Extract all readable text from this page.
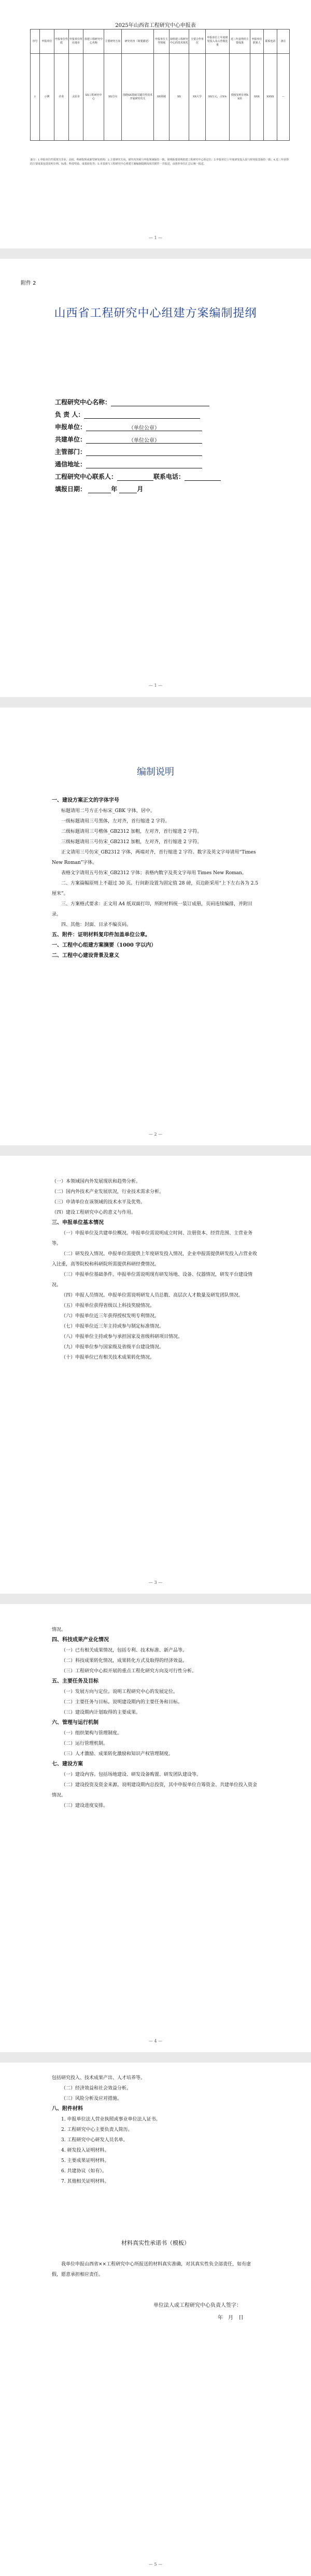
2025年山西省工程研究中心申报表
序号	申报单位	申报单位性质	申报单位所在地市	拟建工程研究中心名称	主要研究方向	研究内容（简要描述）	申报单位主导领域	拟组建工程研究中心的技术依托	主要合作单位	申报单位上年度研发投入及占营收比重	近三年获得的主要成果	申报单位联系人	联系电话	备注
1	示例	企业	太原市	XX工程研究中心	XX方向	围绕XX领域关键共性技术开展研究攻关	XX领域	XX	XX大学	XX万元，占X%	授权发明专利XX项	XXX	XXXX	—
备注：1.申报单位性质填写企业、高校、科研院所或新型研发机构；2.主要研究方向、研究内容须与申报领域保持一致，简明扼要说明拟建工程研究中心的定位；3.申报单位上年度研发投入需与财务报表保持一致；4.近三年获得的主要成果包括发明专利、标准、科技奖励、成果转化等；5.本表须与工程研究中心组建方案编制提纲及相关附件一并报送，由推荐单位汇总后统一报送。
— 1 —
附件 2
山西省工程研究中心组建方案编制提纲
工程研究中心名称：
负 责 人：
申报单位：	（单位公章）
共建单位：	（单位公章）
主管部门：
通信地址：
工程研究中心联系人：	联系电话：
填报日期：	年	月
— 1 —
编制说明

一、建设方案正文的字体字号

标题请用二号方正小标宋_GBK 字体，居中。

一级标题请用三号黑体，左对齐，首行缩进 2 字符。

二级标题请用三号楷体_GB2312 加粗，左对齐，首行缩进 2 字符。

三级标题请用三号仿宋_GB2312 加粗，左对齐，首行缩进 2 字符。

正文请用三号仿宋_GB2312 字体，两端对齐，首行缩进 2 字符。数字及英文字母请用“Times New Roman”字体。

表格文字请用五号仿宋_GB2312 字体；表格内数字及英文字母用 Times New Roman。

二、方案篇幅原则上不超过 30 页。行间距设置为固定值 28 磅，页边距采用“上下左右各为 2.5 厘米”。

三、方案格式要求：正文用 A4 纸双面打印，所附材料统一装订成册，页码连续编排，并附目录。

四、其他：封面、目录不编页码。

五、附件：证明材料复印件加盖单位公章。

一、工程中心组建方案摘要（1000 字以内）

二、工程中心建设背景及意义

— 2 —

（一）本领域国内外发展现状和趋势分析。

（二）国内外技术产业发展状况，行业技术需求分析。

（三）申请单位在该领域的技术水平及优势。

（四）建设工程研究中心的意义与作用。

三、申报单位基本情况

（一）申报单位及共建单位概况。申报单位需说明成立时间、注册资本、经营范围、主营业务等。

（二）研发投入情况。申报单位需提供上年度研发投入情况，企业申报需提供研发投入占营业收入比重，高等院校和科研院所需提供科研经费情况。

（三）申报单位基础条件。申报单位需说明现有研发场地、设备、仪器情况，研发平台建设情况。

（四）申报人员情况。申报单位需说明研发人员总数、高层次人才数量及研发团队情况。

（五）申报单位获得省级以上科技奖励情况。

（六）申报单位近三年获得授权发明专利情况。

（七）申报单位近三年主持或参与制定标准情况。

（八）申报单位主持或参与承担国家及省级科研项目情况。

（九）申报单位参与国家级及省级平台建设情况。

（十）申报单位已有相关技术成果转化情况。

— 3 —

情况。

四、科技成果产业化情况

（一）已有相关成果情况，包括专利、技术标准、新产品等。

（二）科技成果转化情况，成果转化方式及取得的经济效益。

（三）工程研究中心拟开展的重点工程化研究方向及可行性分析。

五、主要任务及目标

（一）发展方向与定位。说明工程研究中心的发展定位。

（二）主要任务与目标。说明建设期内的主要任务和目标。

（三）建设期内计划取得的主要成果。

六、管理与运行机制

（一）组织架构与管理制度。

（二）运行管理机制。

（三）人才激励、成果转化激励和知识产权管理制度。

七、建设方案

（一）建设内容。包括场地建设、研发设备购置、研发团队建设等。

（二）建设投资及资金来源。说明建设期内总投资，其中申报单位自筹资金、共建单位投入资金情况。

（三）建设进度安排。

— 4 —

包括研究投入、技术成果产出、人才培养等。

（二）经济效益和社会效益分析。

（三）风险分析及应对措施。

八、附件材料

1. 申报单位法人营业执照或事业单位法人证书。

2. 工程研究中心主要负责人简历。

3. 工程研究中心研发人员名单。

4. 研发投入证明材料。

5. 主要成果证明材料。

6. 共建协议（如有）。

7. 其他相关证明材料。

材料真实性承诺书（模板）

我单位申报山西省××工程研究中心所报送的材料真实准确，对其真实性负全部责任，如有虚假，愿意承担相应责任。

单位法人或工程研究中心负责人签字：
年　月　日
— 5 —
